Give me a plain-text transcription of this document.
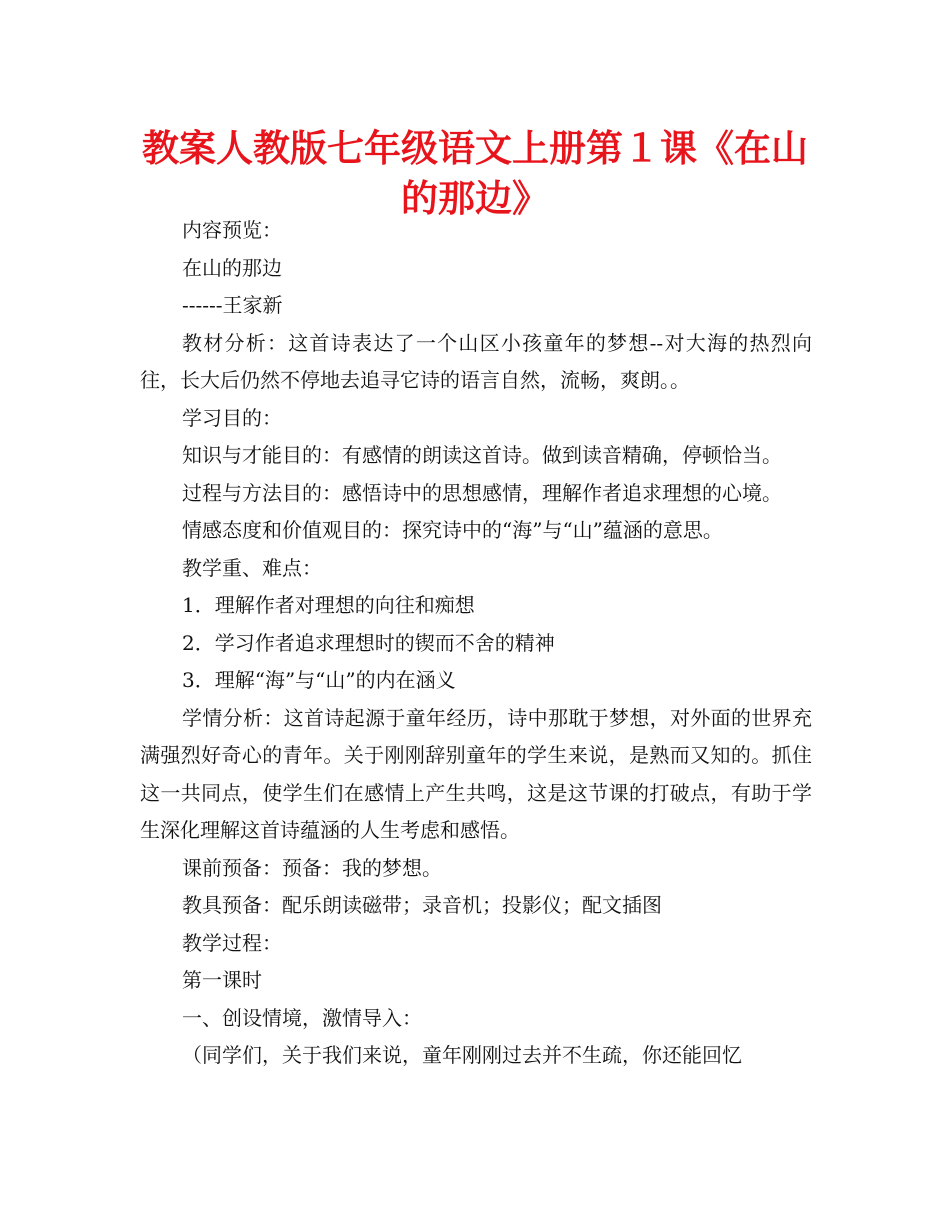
教案人教版七年级语文上册第１课《在山
的那边》

内容预览：

在山的那边

------王家新

教材分析：这首诗表达了一个山区小孩童年的梦想--对大海的热烈向往，长大后仍然不停地去追寻它诗的语言自然，流畅，爽朗。。

学习目的：

知识与才能目的：有感情的朗读这首诗。做到读音精确，停顿恰当。

过程与方法目的：感悟诗中的思想感情，理解作者追求理想的心境。

情感态度和价值观目的：探究诗中的“海”与“山”蕴涵的意思。

教学重、难点：

1．理解作者对理想的向往和痴想

2．学习作者追求理想时的锲而不舍的精神

3．理解“海”与“山”的内在涵义

学情分析：这首诗起源于童年经历，诗中那耽于梦想，对外面的世界充满强烈好奇心的青年。关于刚刚辞别童年的学生来说，是熟而又知的。抓住这一共同点，使学生们在感情上产生共鸣，这是这节课的打破点，有助于学生深化理解这首诗蕴涵的人生考虑和感悟。

课前预备：预备：我的梦想。

教具预备：配乐朗读磁带；录音机；投影仪；配文插图

教学过程：

第一课时

一、创设情境，激情导入：

（同学们，关于我们来说，童年刚刚过去并不生疏，你还能回忆
